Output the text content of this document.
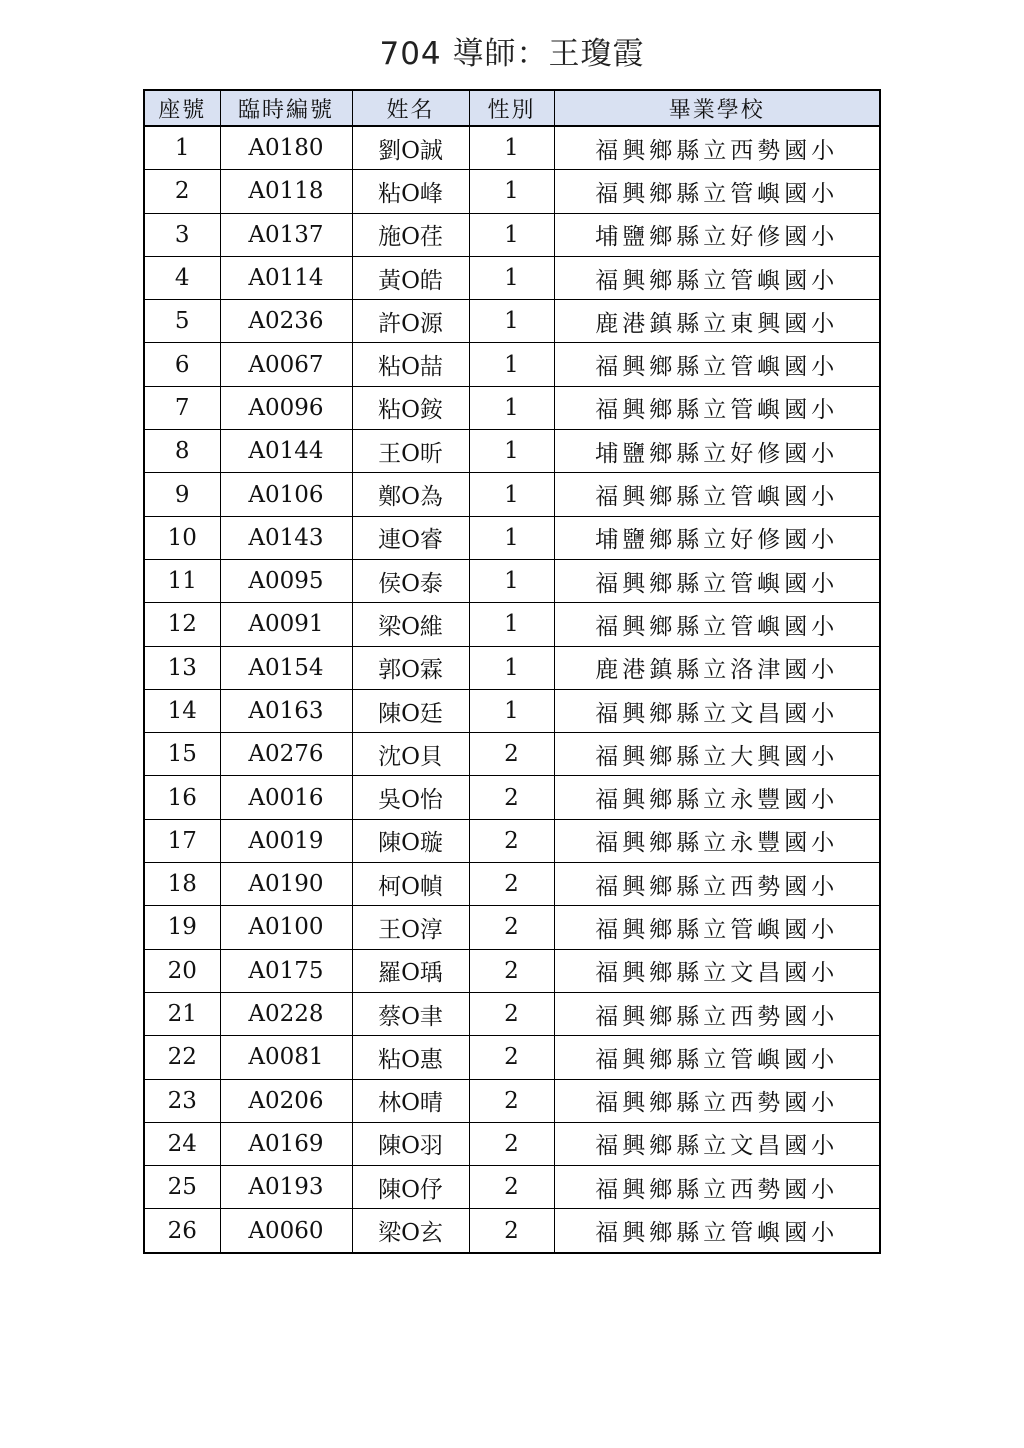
704 導師：王瓊霞
座號	臨時編號	姓名	性別	畢業學校
1	A0180	劉O誠	1	福興鄉縣立西勢國小
2	A0118	粘O峰	1	福興鄉縣立管嶼國小
3	A0137	施O荏	1	埔鹽鄉縣立好修國小
4	A0114	黃O皓	1	福興鄉縣立管嶼國小
5	A0236	許O源	1	鹿港鎮縣立東興國小
6	A0067	粘O喆	1	福興鄉縣立管嶼國小
7	A0096	粘O銨	1	福興鄉縣立管嶼國小
8	A0144	王O昕	1	埔鹽鄉縣立好修國小
9	A0106	鄭O為	1	福興鄉縣立管嶼國小
10	A0143	連O睿	1	埔鹽鄉縣立好修國小
11	A0095	侯O泰	1	福興鄉縣立管嶼國小
12	A0091	梁O維	1	福興鄉縣立管嶼國小
13	A0154	郭O霖	1	鹿港鎮縣立洛津國小
14	A0163	陳O廷	1	福興鄉縣立文昌國小
15	A0276	沈O貝	2	福興鄉縣立大興國小
16	A0016	吳O怡	2	福興鄉縣立永豐國小
17	A0019	陳O璇	2	福興鄉縣立永豐國小
18	A0190	柯O幀	2	福興鄉縣立西勢國小
19	A0100	王O淳	2	福興鄉縣立管嶼國小
20	A0175	羅O瑀	2	福興鄉縣立文昌國小
21	A0228	蔡O聿	2	福興鄉縣立西勢國小
22	A0081	粘O惠	2	福興鄉縣立管嶼國小
23	A0206	林O晴	2	福興鄉縣立西勢國小
24	A0169	陳O羽	2	福興鄉縣立文昌國小
25	A0193	陳O伃	2	福興鄉縣立西勢國小
26	A0060	梁O玄	2	福興鄉縣立管嶼國小
